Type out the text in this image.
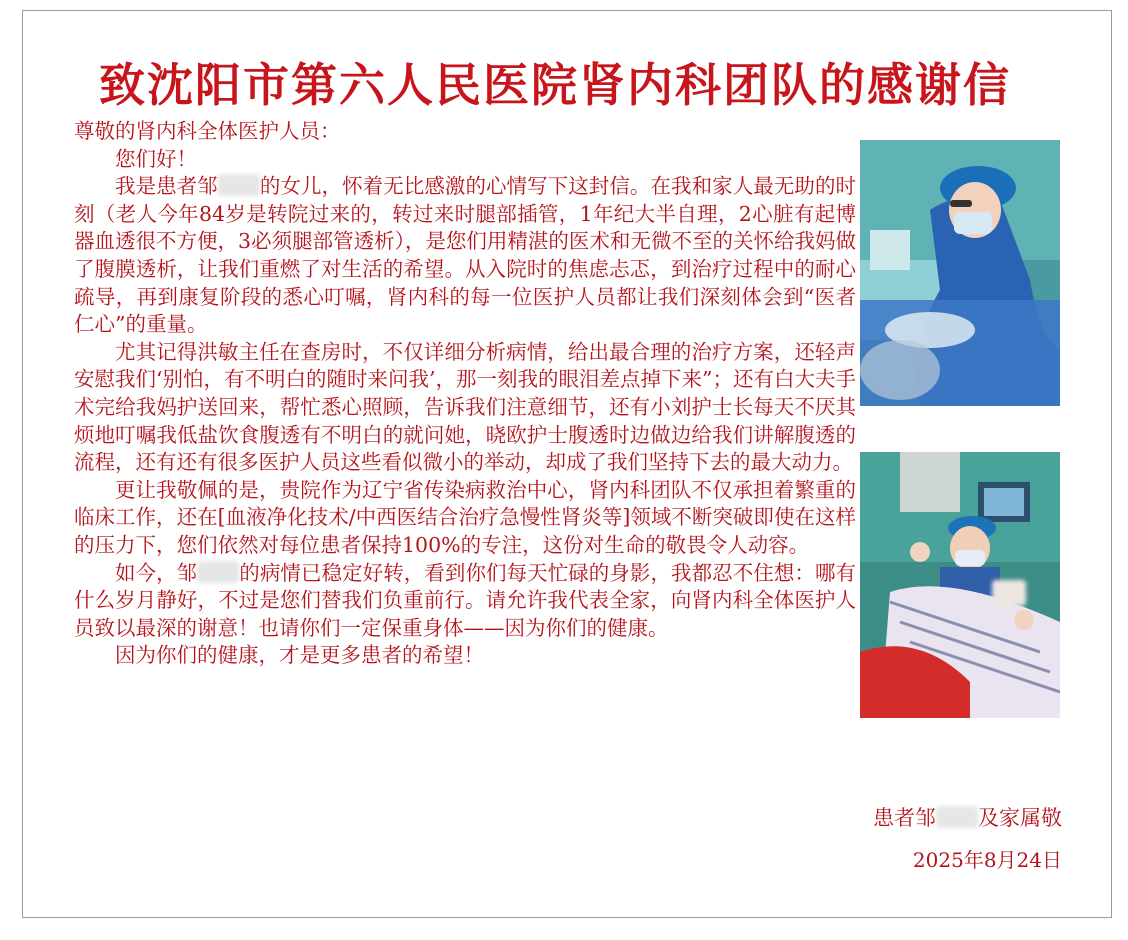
致沈阳市第六人民医院肾内科团队的感谢信

尊敬的肾内科全体医护人员：

您们好！

我是患者邹 的女儿，怀着无比感激的心情写下这封信。在我和家人最无助的时刻（老人今年84岁是转院过来的，转过来时腿部插管，1年纪大半自理，2心脏有起博器血透很不方便，3必须腿部管透析），是您们用精湛的医术和无微不至的关怀给我妈做了腹膜透析，让我们重燃了对生活的希望。从入院时的焦虑忐忑，到治疗过程中的耐心疏导，再到康复阶段的悉心叮嘱，肾内科的每一位医护人员都让我们深刻体会到“医者仁心”的重量。

尤其记得洪敏主任在查房时，不仅详细分析病情，给出最合理的治疗方案，还轻声安慰我们‘别怕，有不明白的随时来问我’，那一刻我的眼泪差点掉下来”；还有白大夫手术完给我妈护送回来，帮忙悉心照顾，告诉我们注意细节，还有小刘护士长每天不厌其烦地叮嘱我低盐饮食腹透有不明白的就问她，晓欧护士腹透时边做边给我们讲解腹透的流程，还有还有很多医护人员这些看似微小的举动，却成了我们坚持下去的最大动力。

更让我敬佩的是，贵院作为辽宁省传染病救治中心，肾内科团队不仅承担着繁重的临床工作，还在[血液净化技术/中西医结合治疗急慢性肾炎等]领域不断突破即使在这样的压力下，您们依然对每位患者保持100%的专注，这份对生命的敬畏令人动容。

如今，邹 的病情已稳定好转，看到你们每天忙碌的身影，我都忍不住想：哪有什么岁月静好，不过是您们替我们负重前行。请允许我代表全家，向肾内科全体医护人员致以最深的谢意！也请你们一定保重身体——因为你们的健康。

因为你们的健康，才是更多患者的希望！

患者邹 及家属敬
2025年8月24日
